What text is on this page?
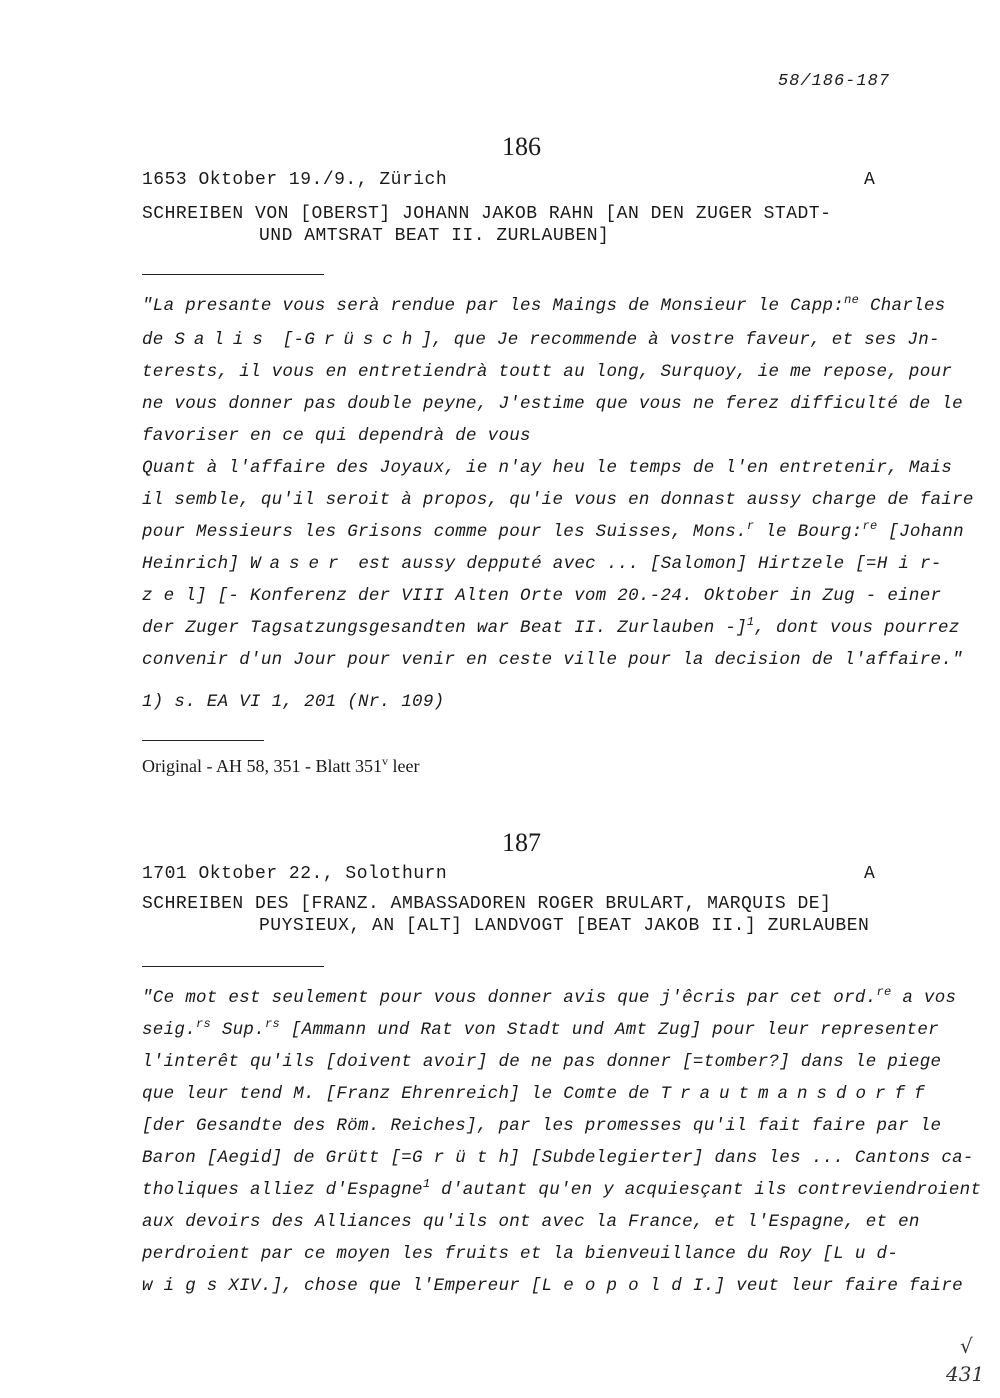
58/186-187
186
1653 Oktober 19./9., Zürich	A
SCHREIBEN VON [OBERST] JOHANN JAKOB RAHN [AN DEN ZUGER STADT-
UND AMTSRAT BEAT II. ZURLAUBEN]
"La presante vous serà rendue par les Maings de Monsieur le Capp:$^{ne}$ Charles
de Salis [-Grüsch], que Je recommende à vostre faveur, et ses Jn-
terests, il vous en entretiendrà toutt au long, Surquoy, ie me repose, pour
ne vous donner pas double peyne, J'estime que vous ne ferez difficulté de le
favoriser en ce qui dependrà de vous
Quant à l'affaire des Joyaux, ie n'ay heu le temps de l'en entretenir, Mais
il semble, qu'il seroit à propos, qu'ie vous en donnast aussy charge de faire
pour Messieurs les Grisons comme pour les Suisses, Mons.$^r$ le Bourg:$^{re}$ [Johann
Heinrich] Waser est aussy depputé avec ... [Salomon] Hirtzele [=H i r-
z e l] [- Konferenz der VIII Alten Orte vom 20.-24. Oktober in Zug - einer
der Zuger Tagsatzungsgesandten war Beat II. Zurlauben -]$^1$, dont vous pourrez
convenir d'un Jour pour venir en ceste ville pour la decision de l'affaire."
1) s. EA VI 1, 201 (Nr. 109)
Original - AH 58, 351 - Blatt 351$^v$ leer
187
1701 Oktober 22., Solothurn	A
SCHREIBEN DES [FRANZ. AMBASSADOREN ROGER BRULART, MARQUIS DE]
PUYSIEUX, AN [ALT] LANDVOGT [BEAT JAKOB II.] ZURLAUBEN
"Ce mot est seulement pour vous donner avis que j'êcris par cet ord.$^{re}$ a vos
seig.$^{rs}$ Sup.$^{rs}$ [Ammann und Rat von Stadt und Amt Zug] pour leur representer
l'interêt qu'ils [doivent avoir] de ne pas donner [=tomber?] dans le piege
que leur tend M. [Franz Ehrenreich] le Comte de Trautmansdorff
[der Gesandte des Röm. Reiches], par les promesses qu'il fait faire par le
Baron [Aegid] de Grütt [=G r ü t h] [Subdelegierter] dans les ... Cantons ca-
tholiques alliez d'Espagne$^1$ d'autant qu'en y acquiesçant ils contreviendroient
aux devoirs des Alliances qu'ils ont avec la France, et l'Espagne, et en
perdroient par ce moyen les fruits et la bienveuillance du Roy [L u d-
w i g s XIV.], chose que l'Empereur [L e o p o l d I.] veut leur faire faire
√
431
